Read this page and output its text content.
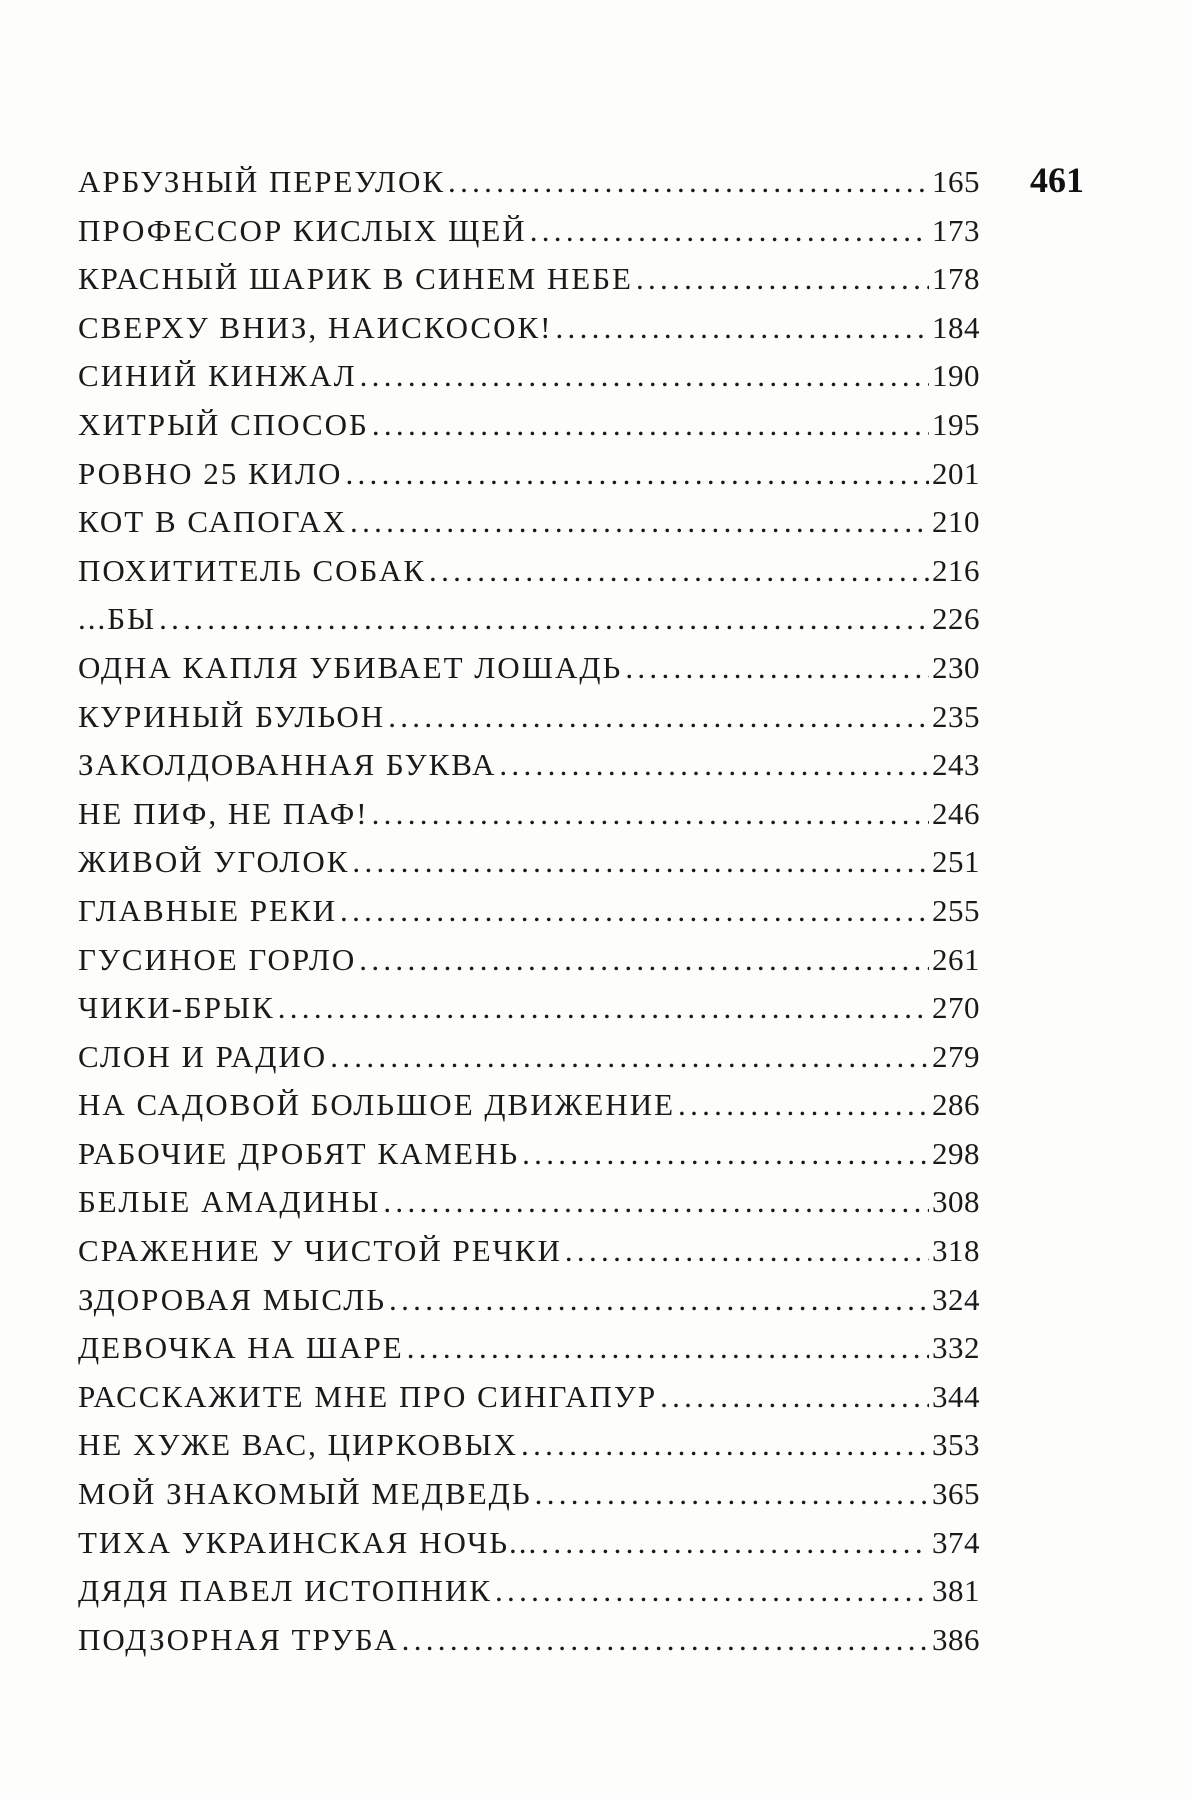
461
АРБУЗНЫЙ ПЕРЕУЛОК .....	165
ПРОФЕССОР КИСЛЫХ ЩЕЙ .....	173
КРАСНЫЙ ШАРИК В СИНЕМ НЕБЕ .....	178
СВЕРХУ ВНИЗ, НАИСКОСОК! .....	184
СИНИЙ КИНЖАЛ .....	190
ХИТРЫЙ СПОСОБ .....	195
РОВНО 25 КИЛО .....	201
КОТ В САПОГАХ .....	210
ПОХИТИТЕЛЬ СОБАК .....	216
...БЫ .....	226
ОДНА КАПЛЯ УБИВАЕТ ЛОШАДЬ .....	230
КУРИНЫЙ БУЛЬОН .....	235
ЗАКОЛДОВАННАЯ БУКВА .....	243
НЕ ПИФ, НЕ ПАФ! .....	246
ЖИВОЙ УГОЛОК .....	251
ГЛАВНЫЕ РЕКИ .....	255
ГУСИНОЕ ГОРЛО .....	261
ЧИКИ-БРЫК .....	270
СЛОН И РАДИО .....	279
НА САДОВОЙ БОЛЬШОЕ ДВИЖЕНИЕ .....	286
РАБОЧИЕ ДРОБЯТ КАМЕНЬ .....	298
БЕЛЫЕ АМАДИНЫ .....	308
СРАЖЕНИЕ У ЧИСТОЙ РЕЧКИ .....	318
ЗДОРОВАЯ МЫСЛЬ .....	324
ДЕВОЧКА НА ШАРЕ .....	332
РАССКАЖИТЕ МНЕ ПРО СИНГАПУР .....	344
НЕ ХУЖЕ ВАС, ЦИРКОВЫХ .....	353
МОЙ ЗНАКОМЫЙ МЕДВЕДЬ .....	365
ТИХА УКРАИНСКАЯ НОЧЬ... .....	374
ДЯДЯ ПАВЕЛ ИСТОПНИК .....	381
ПОДЗОРНАЯ ТРУБА .....	386
